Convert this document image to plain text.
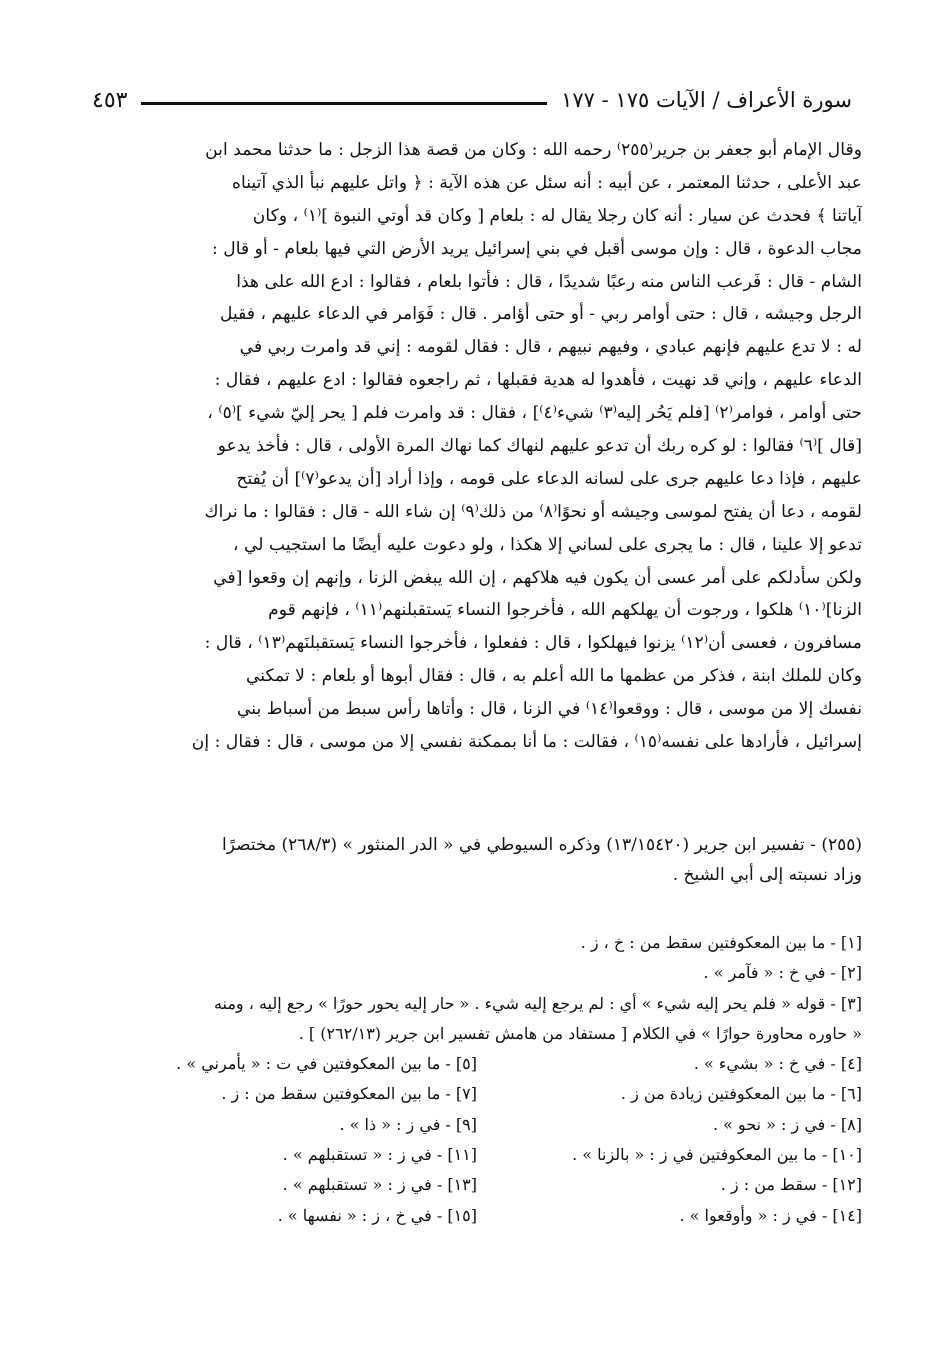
سورة الأعراف / الآيات ١٧٥ - ١٧٧
٤٥٣
وقال الإمام أبو جعفر بن جرير⁽٢٥٥⁾ رحمه الله : وكان من قصة هذا الزجل : ما حدثنا محمد ابن
عبد الأعلى ، حدثنا المعتمر ، عن أبيه : أنه سئل عن هذه الآية : ﴿ واتل عليهم نبأ الذي آتيناه
آياتنا ﴾ فحدث عن سيار : أنه كان رجلا يقال له : بلعام [ وكان قد أوتي النبوة ]⁽١⁾ ، وكان
مجاب الدعوة ، قال : وإن موسى أقبل في بني إسرائيل يريد الأرض التي فيها بلعام - أو قال :
الشام - قال : فَرعب الناس منه رعبًا شديدًا ، قال : فأتوا بلعام ، فقالوا : ادع الله على هذا
الرجل وجيشه ، قال : حتى أوامر ربي - أو حتى أؤامر . قال : فَوَامر في الدعاء عليهم ، فقيل
له : لا تدع عليهم فإنهم عبادي ، وفيهم نبيهم ، قال : فقال لقومه : إني قد وامرت ربي في
الدعاء عليهم ، وإني قد نهيت ، فأهدوا له هدية فقبلها ، ثم راجعوه فقالوا : ادع عليهم ، فقال :
حتى أوامر ، فوامر⁽٢⁾ [فلم يَحُر إليه⁽٣⁾ شيء⁽٤⁾] ، فقال : قد وامرت فلم [ يحر إليّ شيء ]⁽٥⁾ ،
[قال ]⁽٦⁾ فقالوا : لو كره ربك أن تدعو عليهم لنهاك كما نهاك المرة الأولى ، قال : فأخذ يدعو
عليهم ، فإذا دعا عليهم جرى على لسانه الدعاء على قومه ، وإذا أراد [أن يدعو⁽٧⁾] أن يُفتح
لقومه ، دعا أن يفتح لموسى وجيشه أو نحوًا⁽٨⁾ من ذلك⁽٩⁾ إن شاء الله - قال : فقالوا : ما نراك
تدعو إلا علينا ، قال : ما يجرى على لساني إلا هكذا ، ولو دعوت عليه أيضًا ما استجيب لي ،
ولكن سأدلكم على أمر عسى أن يكون فيه هلاكهم ، إن الله يبغض الزنا ، وإنهم إن وقعوا [في
الزنا]⁽١٠⁾ هلكوا ، ورجوت أن يهلكهم الله ، فأخرجوا النساء يَستقبلنهم⁽١١⁾ ، فإنهم قوم
مسافرون ، فعسى أن⁽١٢⁾ يزنوا فيهلكوا ، قال : ففعلوا ، فأخرجوا النساء يَستقبلنَهم⁽١٣⁾ ، قال :
وكان للملك ابنة ، فذكر من عظمها ما الله أعلم به ، قال : فقال أبوها أو بلعام : لا تمكني
نفسك إلا من موسى ، قال : ووقعوا⁽١٤⁾ في الزنا ، قال : وأتاها رأس سبط من أسباط بني
إسرائيل ، فأرادها على نفسه⁽١٥⁾ ، فقالت : ما أنا بممكنة نفسي إلا من موسى ، قال : فقال : إن
(٢٥٥) - تفسير ابن جرير (١٣/١٥٤٢٠) وذكره السيوطي في « الدر المنثور » (٢٦٨/٣) مختصرًا
وزاد نسبته إلى أبي الشيخ .
[١] - ما بين المعكوفتين سقط من : خ ، ز .
[٢] - في خ : « فآمر » .
[٣] - قوله « فلم يحر إليه شيء » أي : لم يرجع إليه شيء . « حار إليه يحور حورًا » رجع إليه ، ومنه
« حاوره محاورة حوارًا » في الكلام [ مستفاد من هامش تفسير ابن جرير (٢٦٢/١٣) ] .
[٤] - في خ : « بشيء » .
[٥] - ما بين المعكوفتين في ت : « يأمرني » .
[٦] - ما بين المعكوفتين زيادة من ز .
[٧] - ما بين المعكوفتين سقط من : ز .
[٨] - في ز : « نحو » .
[٩] - في ز : « ذا » .
[١٠] - ما بين المعكوفتين في ز : « بالزنا » .
[١١] - في ز : « تستقبلهم » .
[١٢] - سقط من : ز .
[١٣] - في ز : « تستقبلهم » .
[١٤] - في ز : « وأوقعوا » .
[١٥] - في خ ، ز : « نفسها » .
